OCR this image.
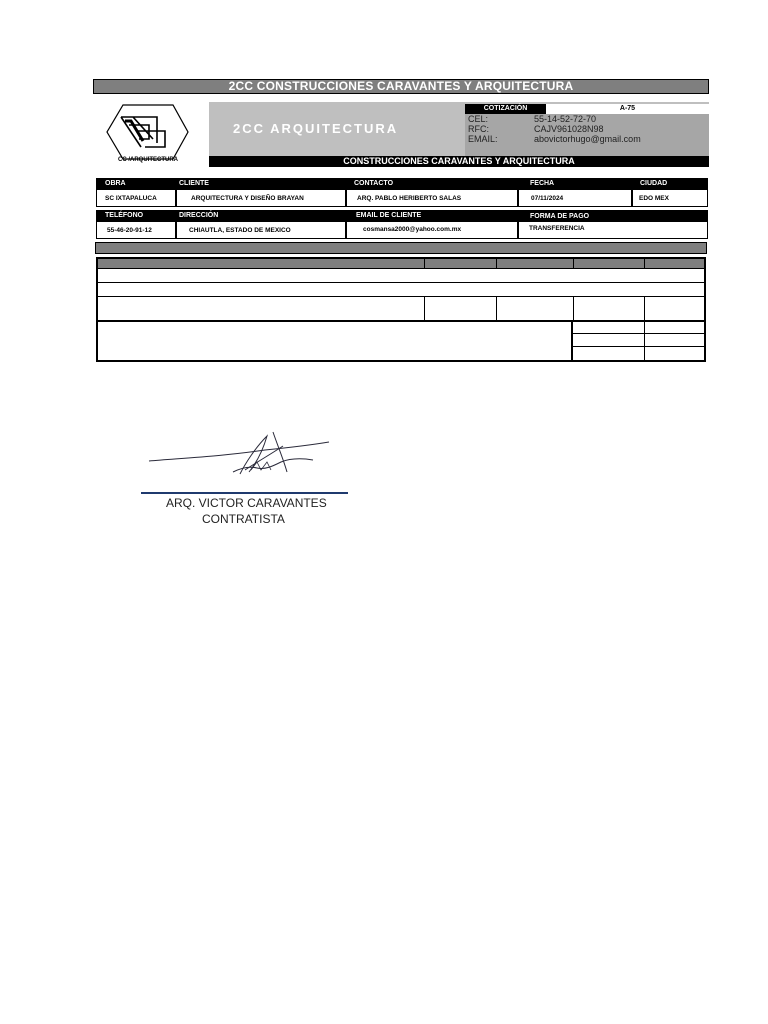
2CC CONSTRUCCIONES CARAVANTES Y ARQUITECTURA
CC /ARQUITECTURA
2CC ARQUITECTURA
COTIZACIÓN	A-75
CEL:	55-14-52-72-70
RFC:	CAJV961028N98
EMAIL:	abovictorhugo@gmail.com
CONSTRUCCIONES CARAVANTES Y ARQUITECTURA
OBRA	CLIENTE	CONTACTO	FECHA	CIUDAD
SC IXTAPALUCA	ARQUITECTURA Y DISEÑO BRAYAN	ARQ. PABLO HERIBERTO SALAS	07/11/2024	EDO MEX
TELÉFONO	DIRECCIÓN	EMAIL DE CLIENTE	FORMA DE PAGO
55-46-20-91-12	CHIAUTLA, ESTADO DE MEXICO	cosmansa2000@yahoo.com.mx	TRANSFERENCIA
ARQ. VICTOR CARAVANTES
CONTRATISTA
